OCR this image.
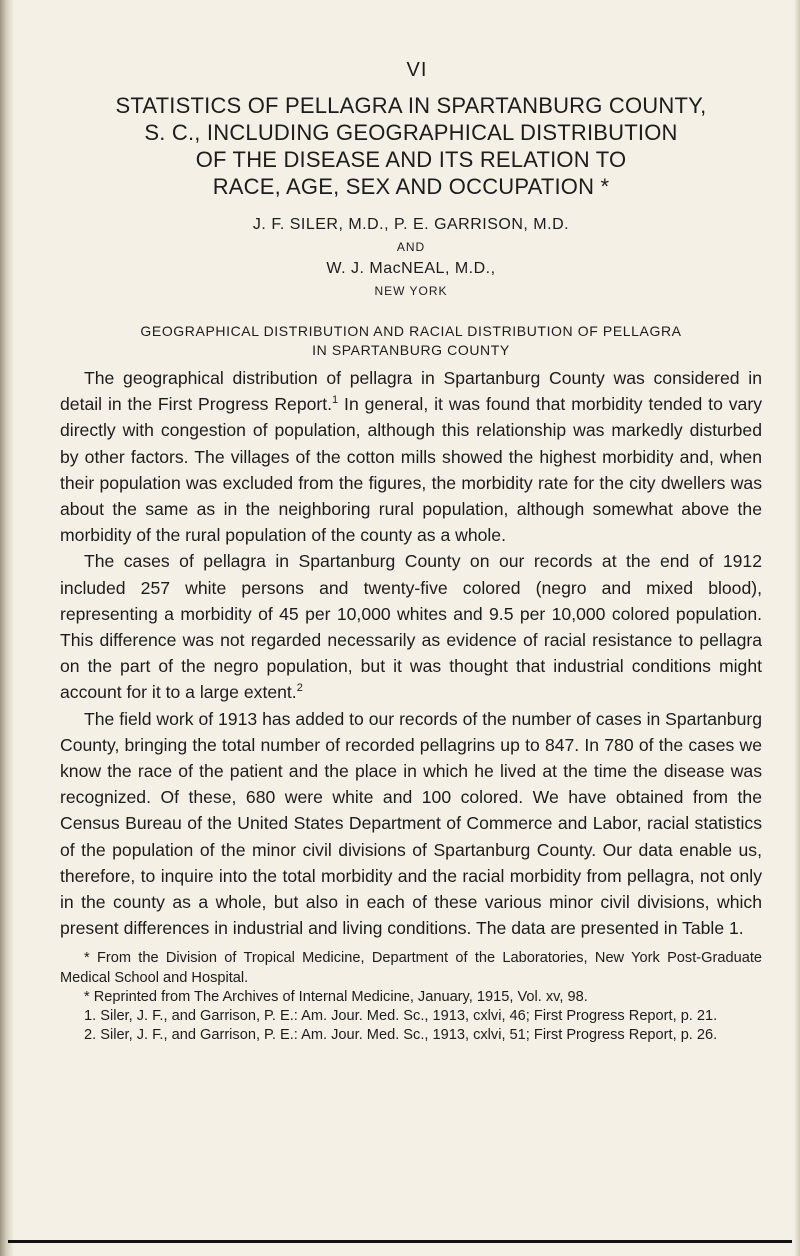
VI
STATISTICS OF PELLAGRA IN SPARTANBURG COUNTY,
S. C., INCLUDING GEOGRAPHICAL DISTRIBUTION
OF THE DISEASE AND ITS RELATION TO
RACE, AGE, SEX AND OCCUPATION *
J. F. SILER, M.D., P. E. GARRISON, M.D.
AND
W. J. MacNEAL, M.D.,
NEW YORK
GEOGRAPHICAL DISTRIBUTION AND RACIAL DISTRIBUTION OF PELLAGRA
IN SPARTANBURG COUNTY

The geographical distribution of pellagra in Spartanburg County was considered in detail in the First Progress Report.$^1$ In general, it was found that morbidity tended to vary directly with congestion of population, although this relationship was markedly disturbed by other factors. The villages of the cotton mills showed the highest morbidity and, when their population was excluded from the figures, the morbidity rate for the city dwellers was about the same as in the neighboring rural population, although somewhat above the morbidity of the rural population of the county as a whole.

The cases of pellagra in Spartanburg County on our records at the end of 1912 included 257 white persons and twenty-five colored (negro and mixed blood), representing a morbidity of 45 per 10,000 whites and 9.5 per 10,000 colored population. This difference was not regarded necessarily as evidence of racial resistance to pellagra on the part of the negro population, but it was thought that industrial conditions might account for it to a large extent.$^2$

The field work of 1913 has added to our records of the number of cases in Spartanburg County, bringing the total number of recorded pellagrins up to 847. In 780 of the cases we know the race of the patient and the place in which he lived at the time the disease was recognized. Of these, 680 were white and 100 colored. We have obtained from the Census Bureau of the United States Department of Commerce and Labor, racial statistics of the population of the minor civil divisions of Spartanburg County. Our data enable us, therefore, to inquire into the total morbidity and the racial morbidity from pellagra, not only in the county as a whole, but also in each of these various minor civil divisions, which present differences in industrial and living conditions. The data are presented in Table 1.

* From the Division of Tropical Medicine, Department of the Laboratories, New York Post-Graduate Medical School and Hospital.

* Reprinted from The Archives of Internal Medicine, January, 1915, Vol. xv, 98.

1. Siler, J. F., and Garrison, P. E.: Am. Jour. Med. Sc., 1913, cxlvi, 46; First Progress Report, p. 21.

2. Siler, J. F., and Garrison, P. E.: Am. Jour. Med. Sc., 1913, cxlvi, 51; First Progress Report, p. 26.
